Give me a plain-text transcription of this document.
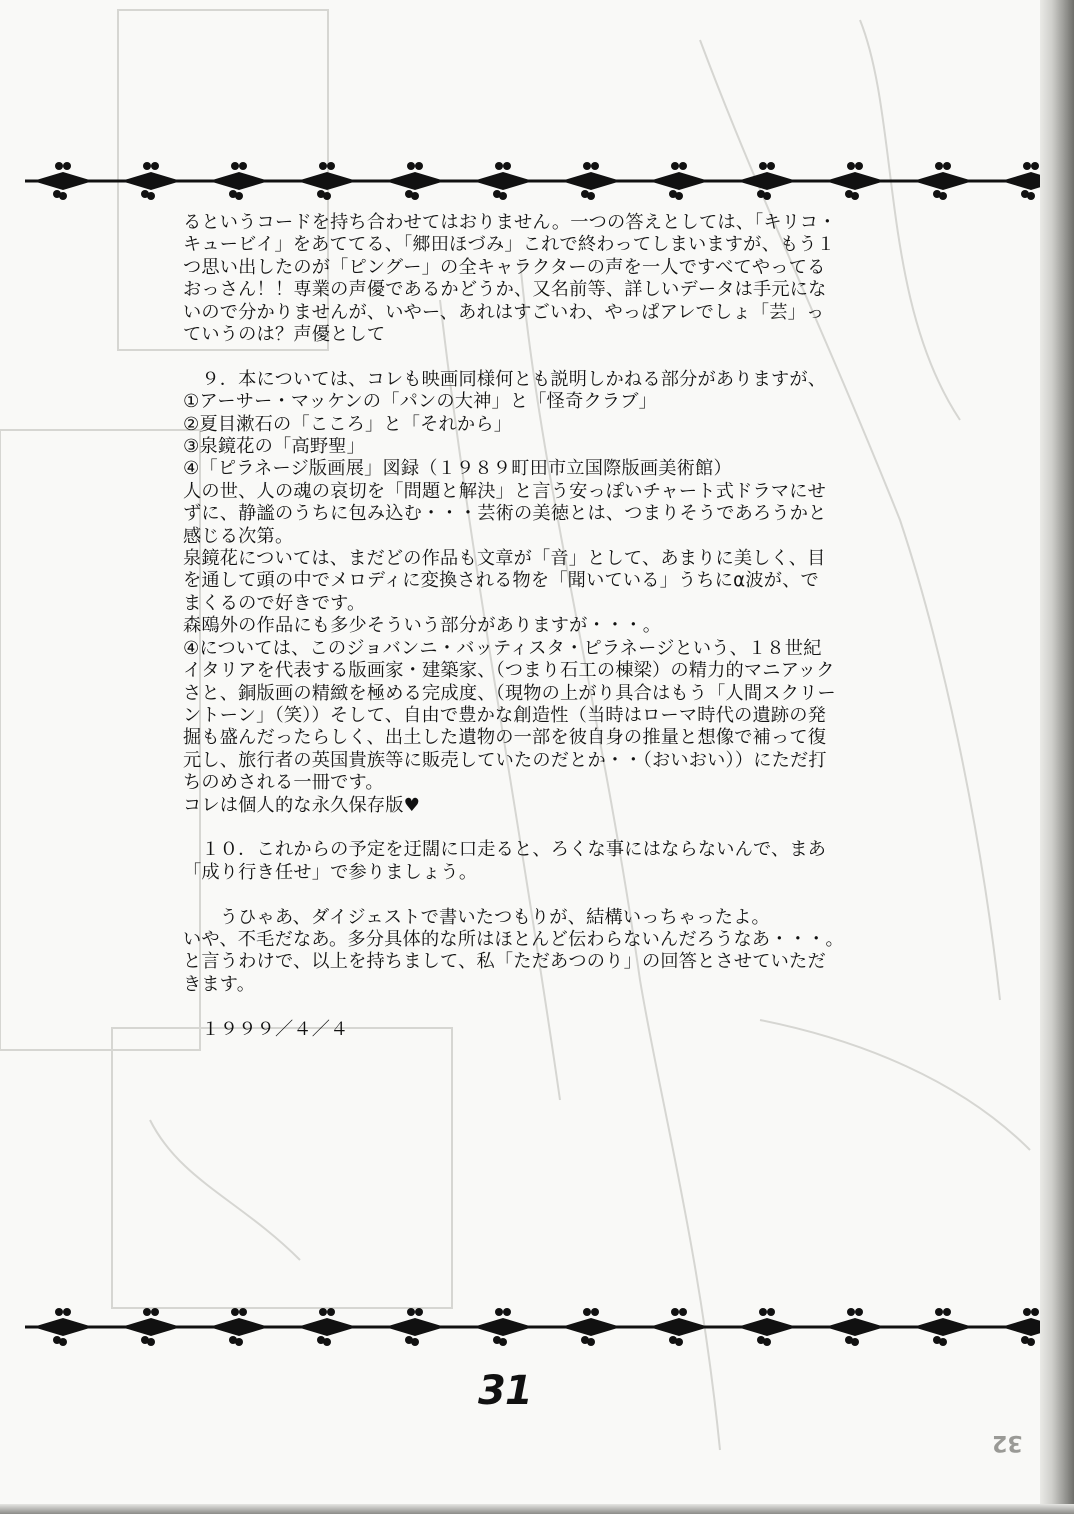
るというコードを持ち合わせてはおりません。一つの答えとしては、「キリコ・

キュービイ」をあててる、「郷田ほづみ」これで終わってしまいますが、もう１

つ思い出したのが「ピングー」の全キャラクターの声を一人ですべてやってる

おっさん！！専業の声優であるかどうか、又名前等、詳しいデータは手元にな

いので分かりませんが、いやー、あれはすごいわ、やっぱアレでしょ「芸」っ

ていうのは？声優として

　９．本については、コレも映画同様何とも説明しかねる部分がありますが、

①アーサー・マッケンの「パンの大神」と「怪奇クラブ」

②夏目漱石の「こころ」と「それから」

③泉鏡花の「高野聖」

④「ピラネージ版画展」図録（１９８９町田市立国際版画美術館）

人の世、人の魂の哀切を「問題と解決」と言う安っぽいチャート式ドラマにせ

ずに、静謐のうちに包み込む・・・芸術の美徳とは、つまりそうであろうかと

感じる次第。

泉鏡花については、まだどの作品も文章が「音」として、あまりに美しく、目

を通して頭の中でメロディに変換される物を「聞いている」うちにα波が、で

まくるので好きです。

森鴎外の作品にも多少そういう部分がありますが・・・。

④については、このジョバンニ・バッティスタ・ピラネージという、１８世紀

イタリアを代表する版画家・建築家、（つまり石工の棟梁）の精力的マニアック

さと、銅版画の精緻を極める完成度、（現物の上がり具合はもう「人間スクリー

ントーン」（笑））そして、自由で豊かな創造性（当時はローマ時代の遺跡の発

掘も盛んだったらしく、出土した遺物の一部を彼自身の推量と想像で補って復

元し、旅行者の英国貴族等に販売していたのだとか・・（おいおい））にただ打

ちのめされる一冊です。

コレは個人的な永久保存版♥

　１０．これからの予定を迂闊に口走ると、ろくな事にはならないんで、まあ

「成り行き任せ」で参りましょう。

　　うひゃあ、ダイジェストで書いたつもりが、結構いっちゃったよ。

いや、不毛だなあ。多分具体的な所はほとんど伝わらないんだろうなあ・・・。

と言うわけで、以上を持ちまして、私「ただあつのり」の回答とさせていただ

きます。

　１９９９／４／４

31
32
